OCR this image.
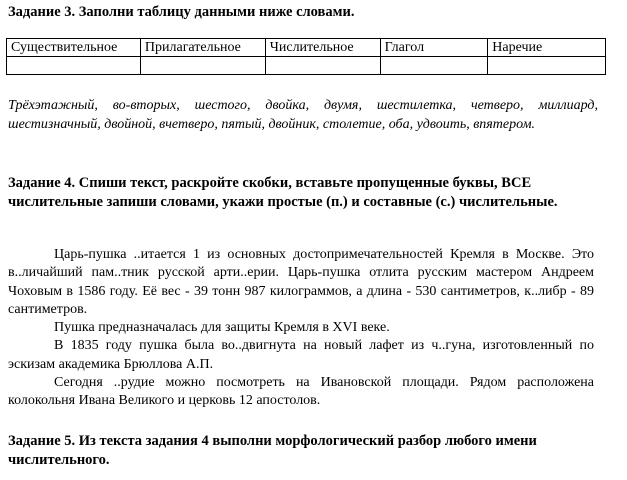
Задание 3. Заполни таблицу данными ниже словами.
Существительное	Прилагательное	Числительное	Глагол	Наречие

Трёхэтажный, во-вторых, шестого, двойка, двумя, шестилетка, четверо, миллиард, шестизначный, двойной, вчетверо, пятый, двойник, столетие, оба, удвоить, впятером.

Задание 4. Спиши текст, раскройте скобки, вставьте пропущенные буквы, ВСЕ числительные запиши словами, укажи простые (п.) и составные (с.) числительные.

Царь-пушка ..итается 1 из основных достопримечательностей Кремля в Москве. Это в..личайший пам..тник русской арти..ерии. Царь-пушка отлита русским мастером Андреем Чоховым в 1586 году. Её вес - 39 тонн 987 килограммов, а длина - 530 сантиметров, к..либр - 89 сантиметров.

Пушка предназначалась для защиты Кремля в XVI веке.

В 1835 году пушка была во..двигнута на новый лафет из ч..гуна, изготовленный по эскизам академика Брюллова А.П.

Сегодня ..рудие можно посмотреть на Ивановской площади. Рядом расположена колокольня Ивана Великого и церковь 12 апостолов.

Задание 5. Из текста задания 4 выполни морфологический разбор любого имени числительного.
